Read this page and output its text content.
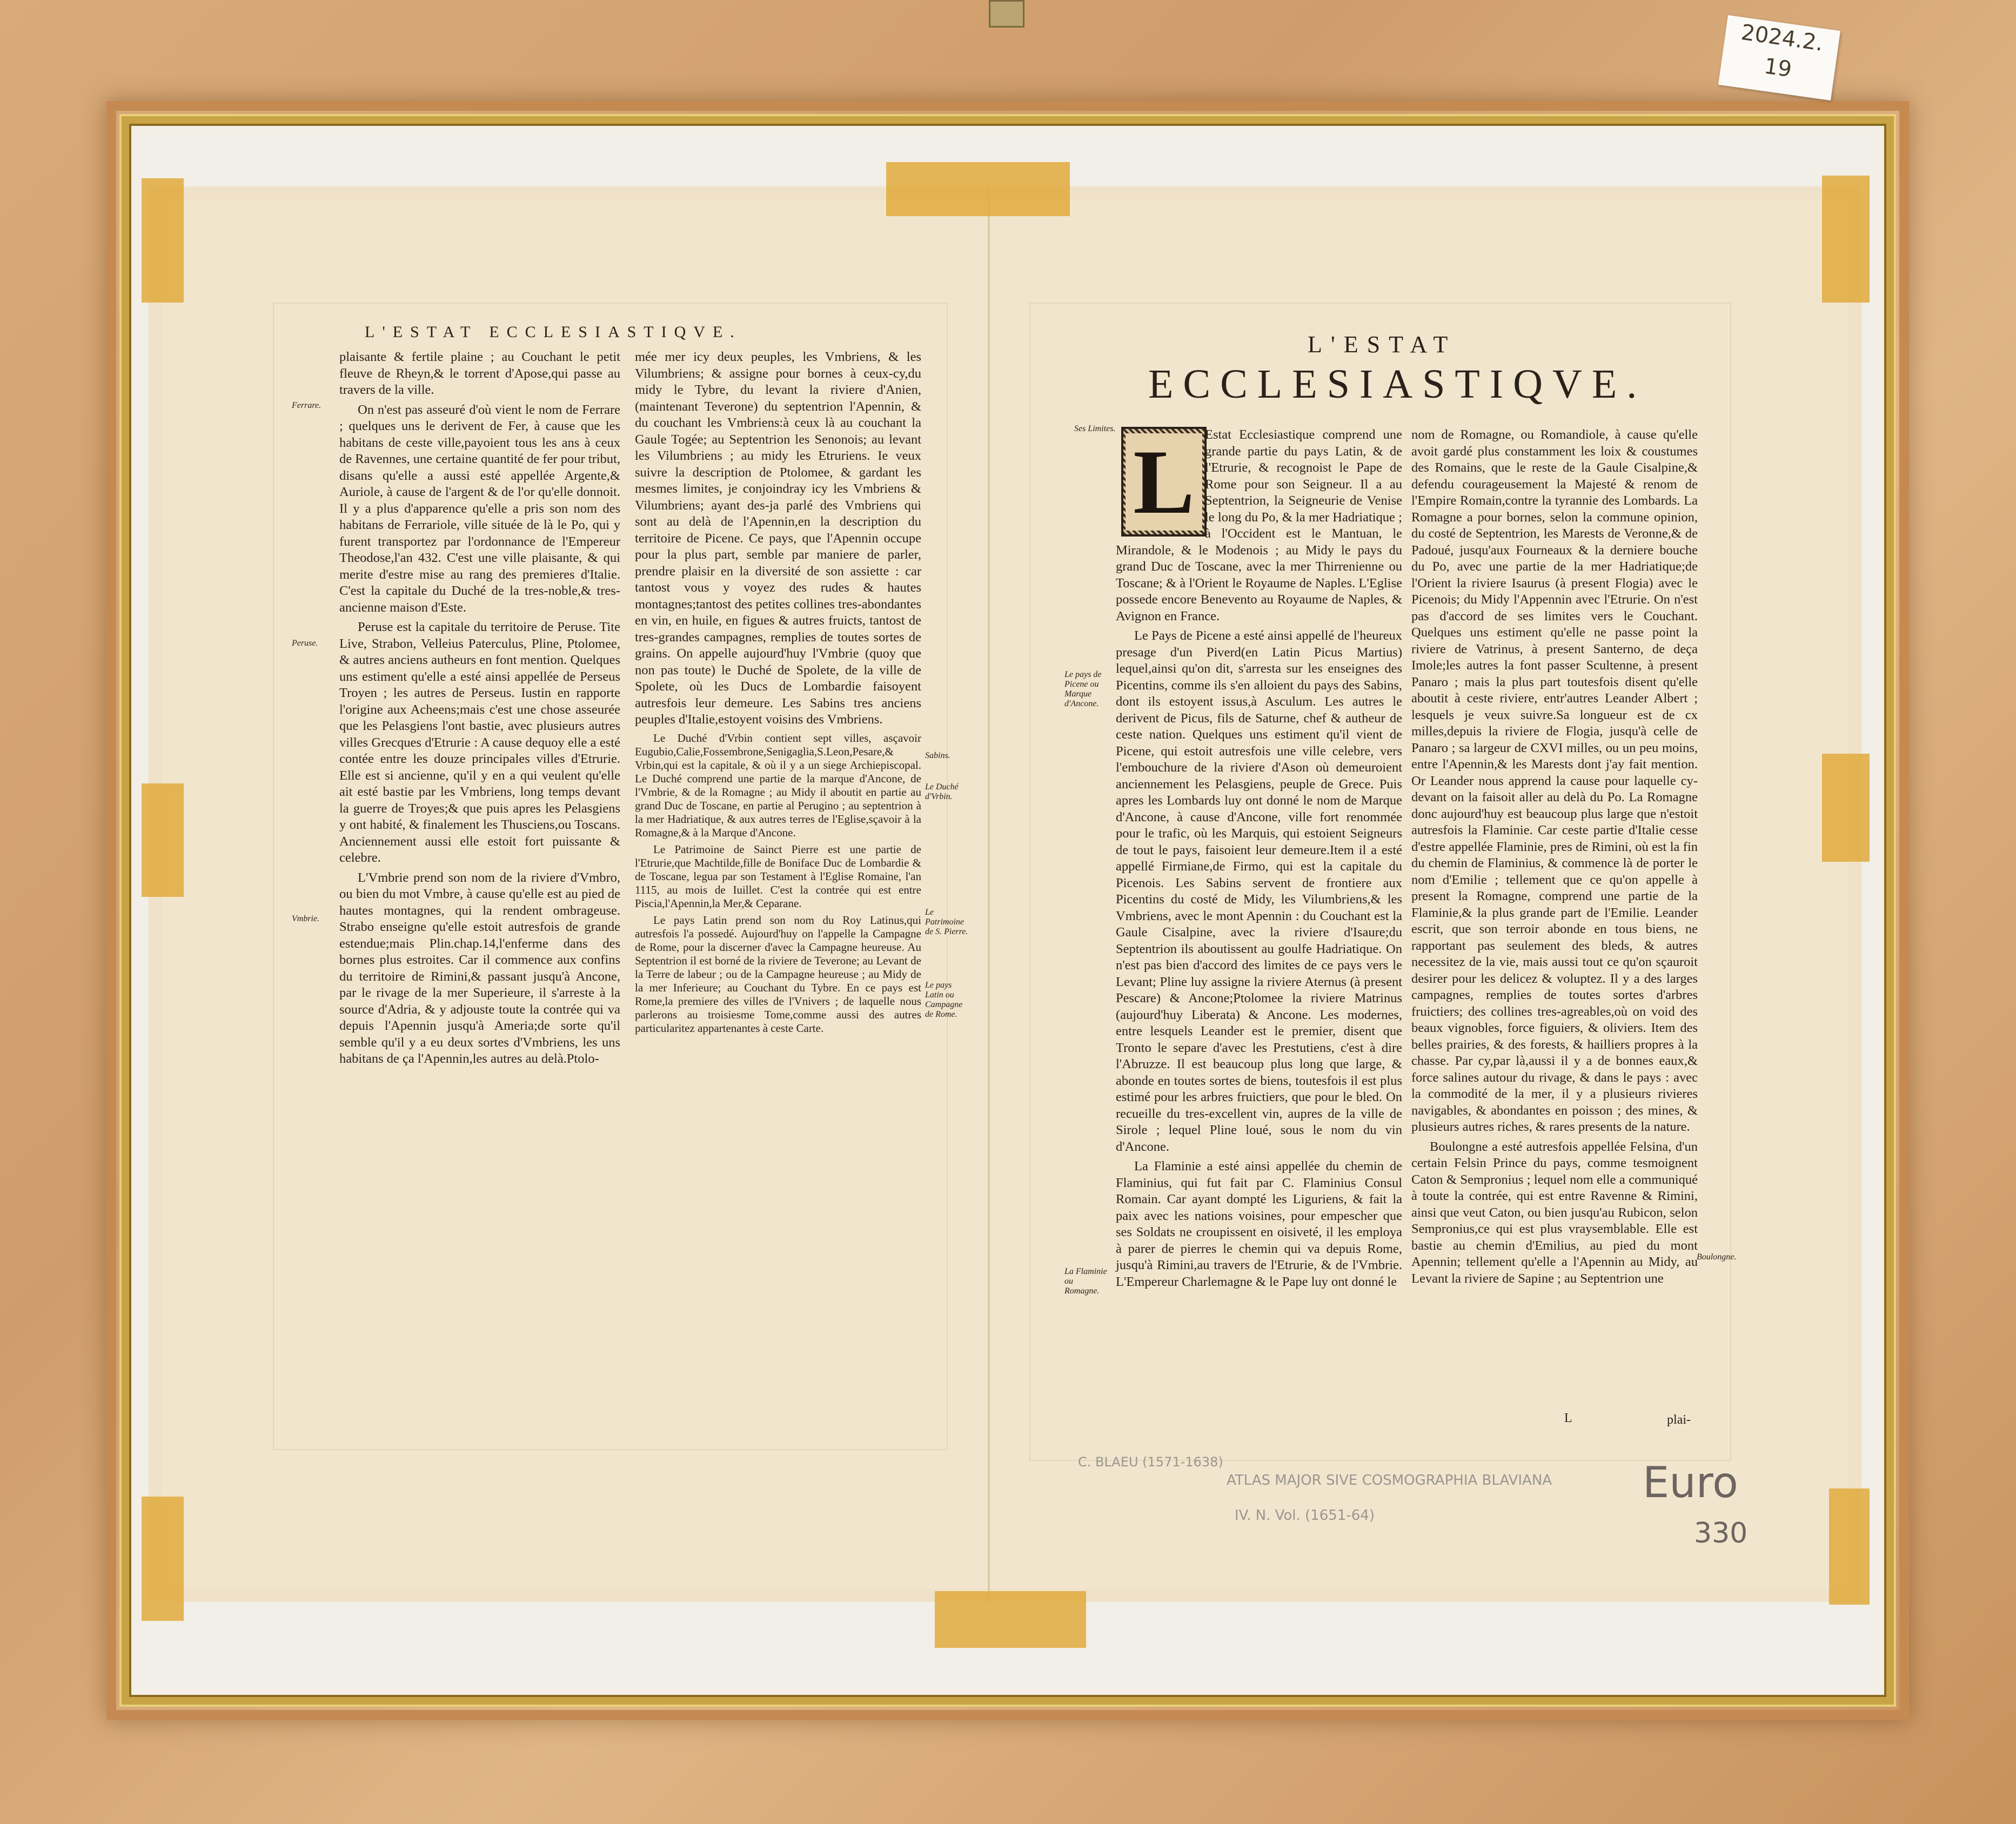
2024.2.
19
L'ESTAT ECCLESIASTIQVE.

plaisante & fertile plaine ; au Couchant le petit fleuve de Rheyn,& le torrent d'Apose,qui passe au travers de la ville.

On n'est pas asseuré d'où vient le nom de Ferrare ; quelques uns le derivent de Fer, à cause que les habitans de ceste ville,payoient tous les ans à ceux de Ravennes, une certaine quantité de fer pour tribut, disans qu'elle a aussi esté appellée Argente,& Auriole, à cause de l'argent & de l'or qu'elle donnoit. Il y a plus d'apparence qu'elle a pris son nom des habitans de Ferrariole, ville située de là le Po, qui y furent transportez par l'ordonnance de l'Empereur Theodose,l'an 432. C'est une ville plaisante, & qui merite d'estre mise au rang des premieres d'Italie. C'est la capitale du Duché de la tres-noble,& tres-ancienne maison d'Este.

Peruse est la capitale du territoire de Peruse. Tite Live, Strabon, Velleius Paterculus, Pline, Ptolomee, & autres anciens autheurs en font mention. Quelques uns estiment qu'elle a esté ainsi appellée de Perseus Troyen ; les autres de Perseus. Iustin en rapporte l'origine aux Acheens;mais c'est une chose asseurée que les Pelasgiens l'ont bastie, avec plusieurs autres villes Grecques d'Etrurie : A cause dequoy elle a esté contée entre les douze principales villes d'Etrurie. Elle est si ancienne, qu'il y en a qui veulent qu'elle ait esté bastie par les Vmbriens, long temps devant la guerre de Troyes;& que puis apres les Pelasgiens y ont habité, & finalement les Thusciens,ou Toscans. Anciennement aussi elle estoit fort puissante & celebre.

L'Vmbrie prend son nom de la riviere d'Vmbro, ou bien du mot Vmbre, à cause qu'elle est au pied de hautes montagnes, qui la rendent ombrageuse. Strabo enseigne qu'elle estoit autresfois de grande estendue;mais Plin.chap.14,l'enferme dans des bornes plus estroites. Car il commence aux confins du territoire de Rimini,& passant jusqu'à Ancone, par le rivage de la mer Superieure, il s'arreste à la source d'Adria, & y adjouste toute la contrée qui va depuis l'Apennin jusqu'à Ameria;de sorte qu'il semble qu'il y a eu deux sortes d'Vmbriens, les uns habitans de ça l'Apennin,les autres au delà.Ptolo-

mée mer icy deux peuples, les Vmbriens, & les Vilumbriens; & assigne pour bornes à ceux-cy,du midy le Tybre, du levant la riviere d'Anien, (maintenant Teverone) du septentrion l'Apennin, & du couchant les Vmbriens:à ceux là au couchant la Gaule Togée; au Septentrion les Senonois; au levant les Vilumbriens ; au midy les Etruriens. Ie veux suivre la description de Ptolomee, & gardant les mesmes limites, je conjoindray icy les Vmbriens & Vilumbriens; ayant des-ja parlé des Vmbriens qui sont au delà de l'Apennin,en la description du territoire de Picene. Ce pays, que l'Apennin occupe pour la plus part, semble par maniere de parler, prendre plaisir en la diversité de son assiette : car tantost vous y voyez des rudes & hautes montagnes;tantost des petites collines tres-abondantes en vin, en huile, en figues & autres fruicts, tantost de tres-grandes campagnes, remplies de toutes sortes de grains. On appelle aujourd'huy l'Vmbrie (quoy que non pas toute) le Duché de Spolete, de la ville de Spolete, où les Ducs de Lombardie faisoyent autresfois leur demeure. Les Sabins tres anciens peuples d'Italie,estoyent voisins des Vmbriens.

Le Duché d'Vrbin contient sept villes, asçavoir Eugubio,Calie,Fossembrone,Senigaglia,S.Leon,Pesare,& Vrbin,qui est la capitale, & où il y a un siege Archiepiscopal. Le Duché comprend une partie de la marque d'Ancone, de l'Vmbrie, & de la Romagne ; au Midy il aboutit en partie au grand Duc de Toscane, en partie al Perugino ; au septentrion à la mer Hadriatique, & aux autres terres de l'Eglise,sçavoir à la Romagne,& à la Marque d'Ancone.

Le Patrimoine de Sainct Pierre est une partie de l'Etrurie,que Machtilde,fille de Boniface Duc de Lombardie & de Toscane, legua par son Testament à l'Eglise Romaine, l'an 1115, au mois de Iuillet. C'est la contrée qui est entre Piscia,l'Apennin,la Mer,& Ceparane.

Le pays Latin prend son nom du Roy Latinus,qui autresfois l'a possedé. Aujourd'huy on l'appelle la Campagne de Rome, pour la discerner d'avec la Campagne heureuse. Au Septentrion il est borné de la riviere de Teverone; au Levant de la Terre de labeur ; ou de la Campagne heureuse ; au Midy de la mer Inferieure; au Couchant du Tybre. En ce pays est Rome,la premiere des villes de l'Vnivers ; de laquelle nous parlerons au troisiesme Tome,comme aussi des autres particularitez appartenantes à ceste Carte.

Ferrare.
Peruse.
Vmbrie.
Sabins.
Le Duché d'Vrbin.
Le Patrimoine de S. Pierre.
Le pays Latin ou Campagne de Rome.
L'ESTAT
ECCLESIASTIQVE.
L Estat Ecclesiastique comprend une grande partie du pays Latin, & de l'Etrurie, & recognoist le Pape de Rome pour son Seigneur. Il a au Septentrion, la Seigneurie de Venise le long du Po, & la mer Hadriatique ; à l'Occident est le Mantuan, le Mirandole, & le Modenois ; au Midy le pays du grand Duc de Toscane, avec la mer Thirrenienne ou Toscane; & à l'Orient le Royaume de Naples. L'Eglise possede encore Benevento au Royaume de Naples, & Avignon en France.

Le Pays de Picene a esté ainsi appellé de l'heureux presage d'un Piverd(en Latin Picus Martius) lequel,ainsi qu'on dit, s'arresta sur les enseignes des Picentins, comme ils s'en alloient du pays des Sabins, dont ils estoyent issus,à Asculum. Les autres le derivent de Picus, fils de Saturne, chef & autheur de ceste nation. Quelques uns estiment qu'il vient de Picene, qui estoit autresfois une ville celebre, vers l'embouchure de la riviere d'Ason où demeuroient anciennement les Pelasgiens, peuple de Grece. Puis apres les Lombards luy ont donné le nom de Marque d'Ancone, à cause d'Ancone, ville fort renommée pour le trafic, où les Marquis, qui estoient Seigneurs de tout le pays, faisoient leur demeure.Item il a esté appellé Firmiane,de Firmo, qui est la capitale du Picenois. Les Sabins servent de frontiere aux Picentins du costé de Midy, les Vilumbriens,& les Vmbriens, avec le mont Apennin : du Couchant est la Gaule Cisalpine, avec la riviere d'Isaure;du Septentrion ils aboutissent au goulfe Hadriatique. On n'est pas bien d'accord des limites de ce pays vers le Levant; Pline luy assigne la riviere Aternus (à present Pescare) & Ancone;Ptolomee la riviere Matrinus (aujourd'huy Liberata) & Ancone. Les modernes, entre lesquels Leander est le premier, disent que Tronto le separe d'avec les Prestutiens, c'est à dire l'Abruzze. Il est beaucoup plus long que large, & abonde en toutes sortes de biens, toutesfois il est plus estimé pour les arbres fruictiers, que pour le bled. On recueille du tres-excellent vin, aupres de la ville de Sirole ; lequel Pline loué, sous le nom du vin d'Ancone.

La Flaminie a esté ainsi appellée du chemin de Flaminius, qui fut fait par C. Flaminius Consul Romain. Car ayant dompté les Liguriens, & fait la paix avec les nations voisines, pour empescher que ses Soldats ne croupissent en oisiveté, il les employa à parer de pierres le chemin qui va depuis Rome, jusqu'à Rimini,au travers de l'Etrurie, & de l'Vmbrie. L'Empereur Charlemagne & le Pape luy ont donné le

nom de Romagne, ou Romandiole, à cause qu'elle avoit gardé plus constamment les loix & coustumes des Romains, que le reste de la Gaule Cisalpine,& defendu courageusement la Majesté & renom de l'Empire Romain,contre la tyrannie des Lombards. La Romagne a pour bornes, selon la commune opinion, du costé de Septentrion, les Marests de Veronne,& de Padoué, jusqu'aux Fourneaux & la derniere bouche du Po, avec une partie de la mer Hadriatique;de l'Orient la riviere Isaurus (à present Flogia) avec le Picenois; du Midy l'Appennin avec l'Etrurie. On n'est pas d'accord de ses limites vers le Couchant. Quelques uns estiment qu'elle ne passe point la riviere de Vatrinus, à present Santerno, de deça Imole;les autres la font passer Scultenne, à present Panaro ; mais la plus part toutesfois disent qu'elle aboutit à ceste riviere, entr'autres Leander Albert ; lesquels je veux suivre.Sa longueur est de cx milles,depuis la riviere de Flogia, jusqu'à celle de Panaro ; sa largeur de CXVI milles, ou un peu moins, entre l'Apennin,& les Marests dont j'ay fait mention. Or Leander nous apprend la cause pour laquelle cy-devant on la faisoit aller au delà du Po. La Romagne donc aujourd'huy est beaucoup plus large que n'estoit autresfois la Flaminie. Car ceste partie d'Italie cesse d'estre appellée Flaminie, pres de Rimini, où est la fin du chemin de Flaminius, & commence là de porter le nom d'Emilie ; tellement que ce qu'on appelle à present la Romagne, comprend une partie de la Flaminie,& la plus grande part de l'Emilie. Leander escrit, que son terroir abonde en tous biens, ne rapportant pas seulement des bleds, & autres necessitez de la vie, mais aussi tout ce qu'on sçauroit desirer pour les delicez & voluptez. Il y a des larges campagnes, remplies de toutes sortes d'arbres fruictiers; des collines tres-agreables,où on void des beaux vignobles, force figuiers, & oliviers. Item des belles prairies, & des forests, & hailliers propres à la chasse. Par cy,par là,aussi il y a de bonnes eaux,& force salines autour du rivage, & dans le pays : avec la commodité de la mer, il y a plusieurs rivieres navigables, & abondantes en poisson ; des mines, & plusieurs autres riches, & rares presents de la nature.

Boulongne a esté autresfois appellée Felsina, d'un certain Felsin Prince du pays, comme tesmoignent Caton & Sempronius ; lequel nom elle a communiqué à toute la contrée, qui est entre Ravenne & Rimini, ainsi que veut Caton, ou bien jusqu'au Rubicon, selon Sempronius,ce qui est plus vraysemblable. Elle est bastie au chemin d'Emilius, au pied du mont Apennin; tellement qu'elle a l'Apennin au Midy, au Levant la riviere de Sapine ; au Septentrion une

Ses Limites.
Le pays de Picene ou Marque d'Ancone.
La Flaminie ou Romagne.
Boulongne.
L	plai-
C. BLAEU (1571-1638)
ATLAS MAJOR SIVE COSMOGRAPHIA BLAVIANA
IV. N. Vol. (1651-64)
Euro
330
